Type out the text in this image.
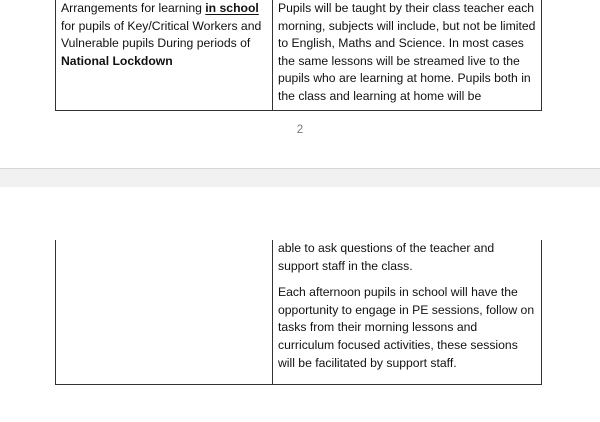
Arrangements for learning in school for pupils of Key/Critical Workers and Vulnerable pupils During periods of National Lockdown	Pupils will be taught by their class teacher each morning, subjects will include, but not be limited to English, Maths and Science. In most cases the same lessons will be streamed live to the pupils who are learning at home. Pupils both in the class and learning at home will be
2

able to ask questions of the teacher and support staff in the class.

Each afternoon pupils in school will have the opportunity to engage in PE sessions, follow on tasks from their morning lessons and curriculum focused activities, these sessions will be facilitated by support staff.
